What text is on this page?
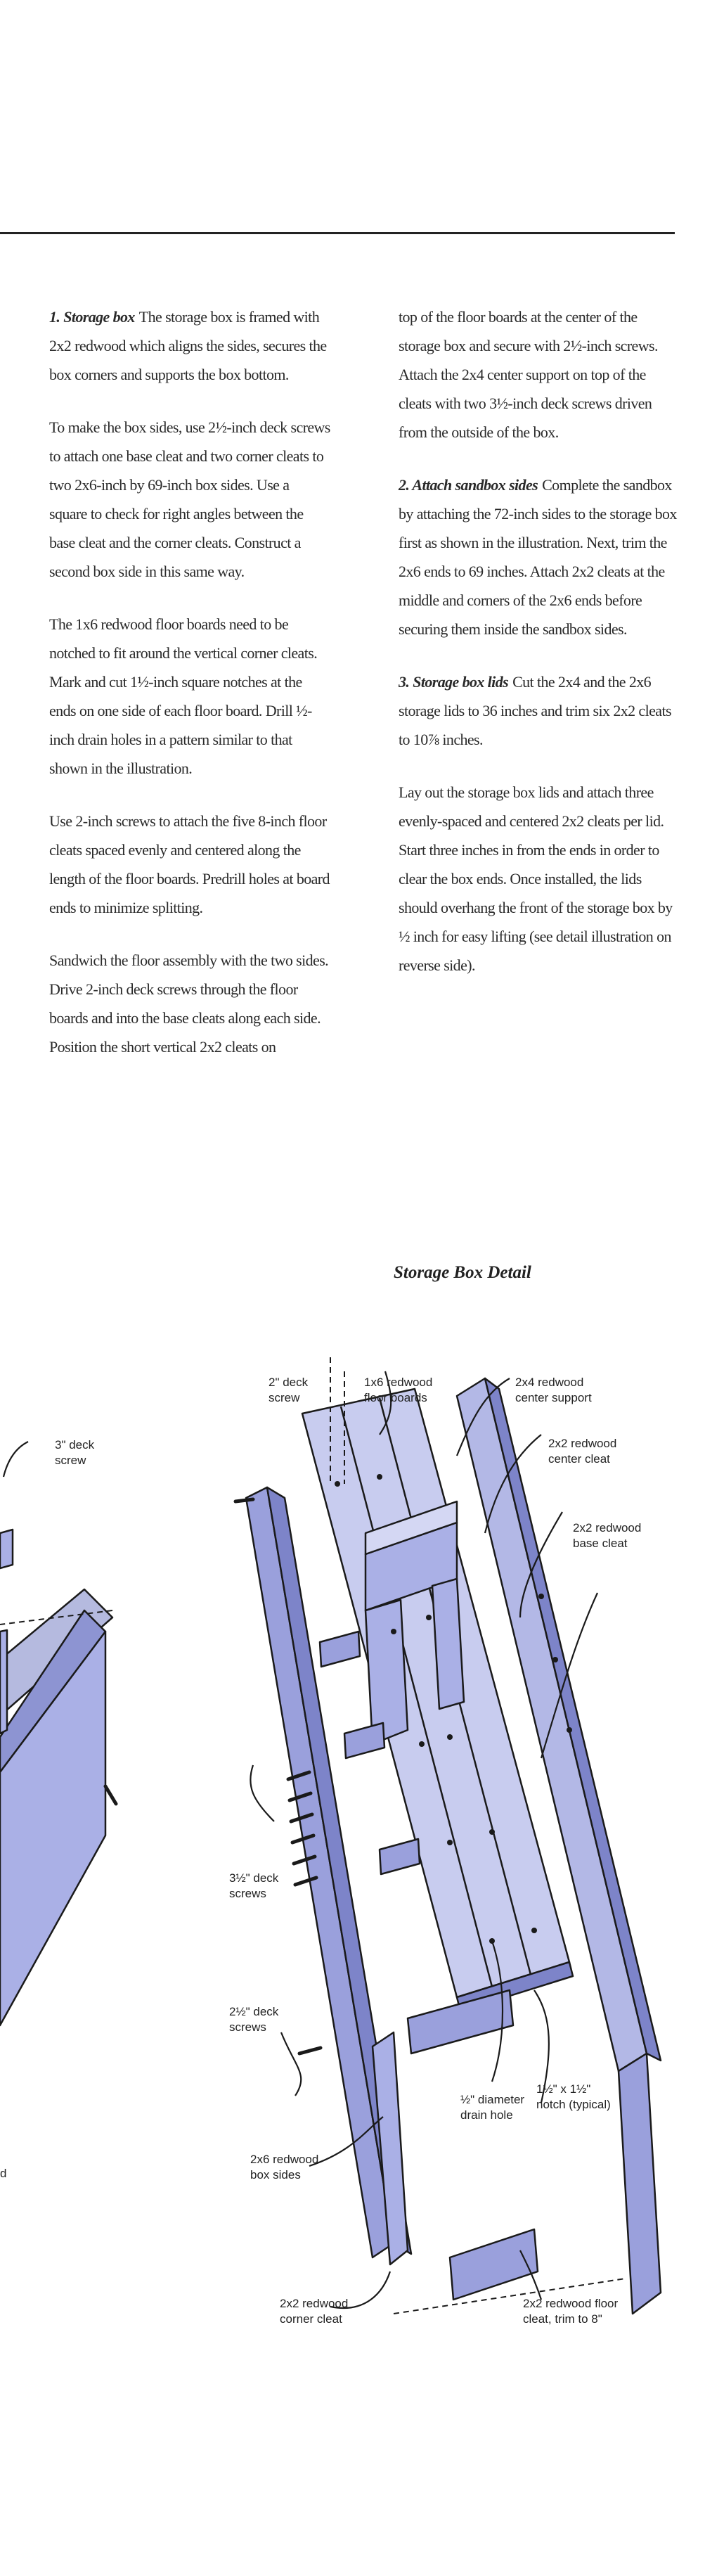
1. Storage box The storage box is framed with 2x2 redwood which aligns the sides, secures the box corners and supports the box bottom.

To make the box sides, use 2½-inch deck screws to attach one base cleat and two corner cleats to two 2x6-inch by 69-inch box sides. Use a square to check for right angles between the base cleat and the corner cleats. Construct a second box side in this same way.

The 1x6 redwood floor boards need to be notched to fit around the vertical corner cleats. Mark and cut 1½-inch square notches at the ends on one side of each floor board. Drill ½-inch drain holes in a pattern similar to that shown in the illustration.

Use 2-inch screws to attach the five 8-inch floor cleats spaced evenly and centered along the length of the floor boards. Predrill holes at board ends to minimize splitting.

Sandwich the floor assembly with the two sides. Drive 2-inch deck screws through the floor boards and into the base cleats along each side. Position the short vertical 2x2 cleats on

top of the floor boards at the center of the storage box and secure with 2½-inch screws. Attach the 2x4 center support on top of the cleats with two 3½-inch deck screws driven from the outside of the box.

2. Attach sandbox sides Complete the sandbox by attaching the 72-inch sides to the storage box first as shown in the illustration. Next, trim the 2x6 ends to 69 inches. Attach 2x2 cleats at the middle and corners of the 2x6 ends before securing them inside the sandbox sides.

3. Storage box lids Cut the 2x4 and the 2x6 storage lids to 36 inches and trim six 2x2 cleats to 10⅞ inches.

Lay out the storage box lids and attach three evenly-spaced and centered 2x2 cleats per lid. Start three inches in from the ends in order to clear the box ends. Once installed, the lids should overhang the front of the storage box by ½ inch for easy lifting (see detail illustration on reverse side).

Storage Box Detail
3" deck
screw
2" deck
screw
1x6 redwood
floor boards
2x4 redwood
center support
2x2 redwood
center cleat
2x2 redwood
base cleat
3½" deck
screws
2½" deck
screws
2x6 redwood
box sides
½" diameter
drain hole
1½" x 1½"
notch (typical)
2x2 redwood
corner cleat
2x2 redwood floor
cleat, trim to 8"
d
